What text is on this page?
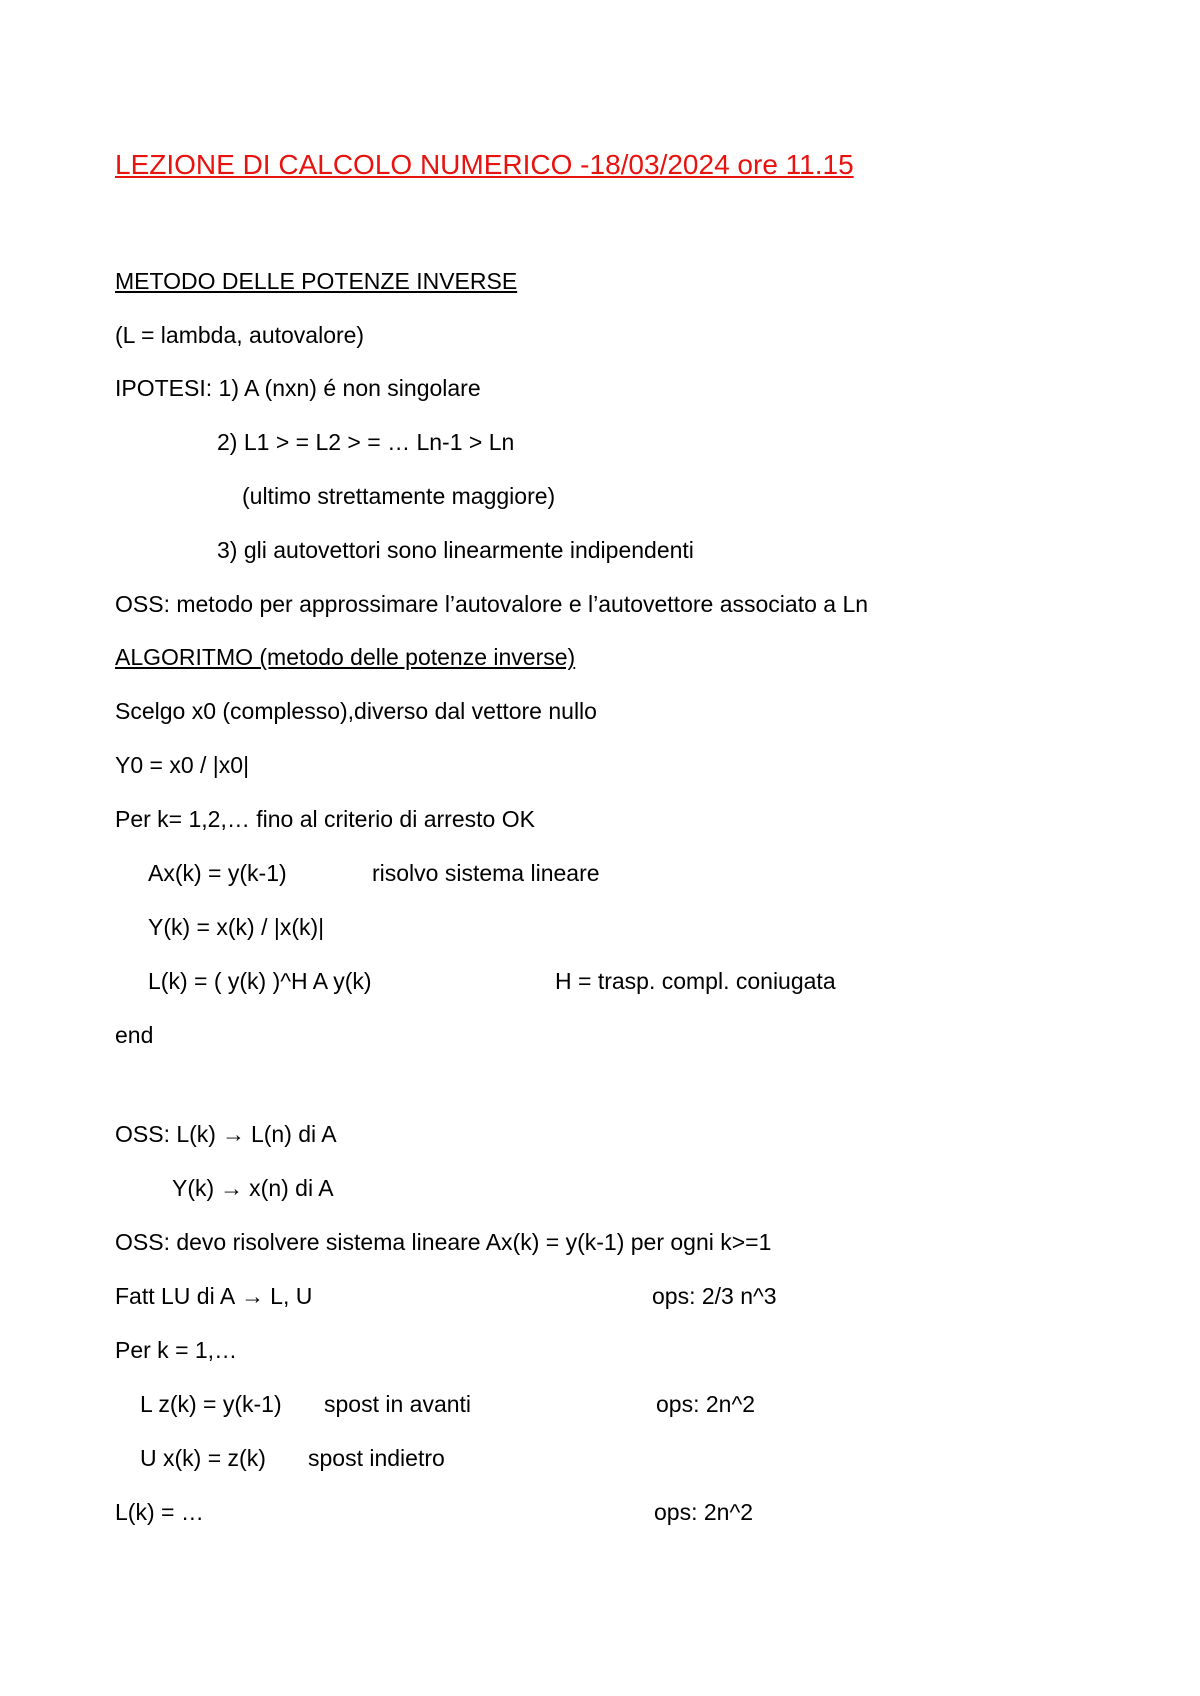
LEZIONE DI CALCOLO NUMERICO -18/03/2024 ore 11.15
METODO DELLE POTENZE INVERSE
(L = lambda, autovalore)
IPOTESI: 1) A (nxn) é non singolare
2) L1 > = L2 > = … Ln-1 > Ln
(ultimo strettamente maggiore)
3) gli autovettori sono linearmente indipendenti
OSS: metodo per approssimare l’autovalore e l’autovettore associato a Ln
ALGORITMO (metodo delle potenze inverse)
Scelgo x0 (complesso),diverso dal vettore nullo
Y0 = x0 / |x0|
Per k= 1,2,… fino al criterio di arresto OK
Ax(k) = y(k-1)	risolvo sistema lineare
Y(k) = x(k) / |x(k)|
L(k) = ( y(k) )^H A y(k)	H = trasp. compl. coniugata
end
OSS: L(k) → L(n) di A
Y(k) → x(n) di A
OSS: devo risolvere sistema lineare Ax(k) = y(k-1) per ogni k>=1
Fatt LU di A → L, U	ops: 2/3 n^3
Per k = 1,…
L z(k) = y(k-1) spost in avanti	ops: 2n^2
U x(k) = z(k) spost indietro
L(k) = …	ops: 2n^2
